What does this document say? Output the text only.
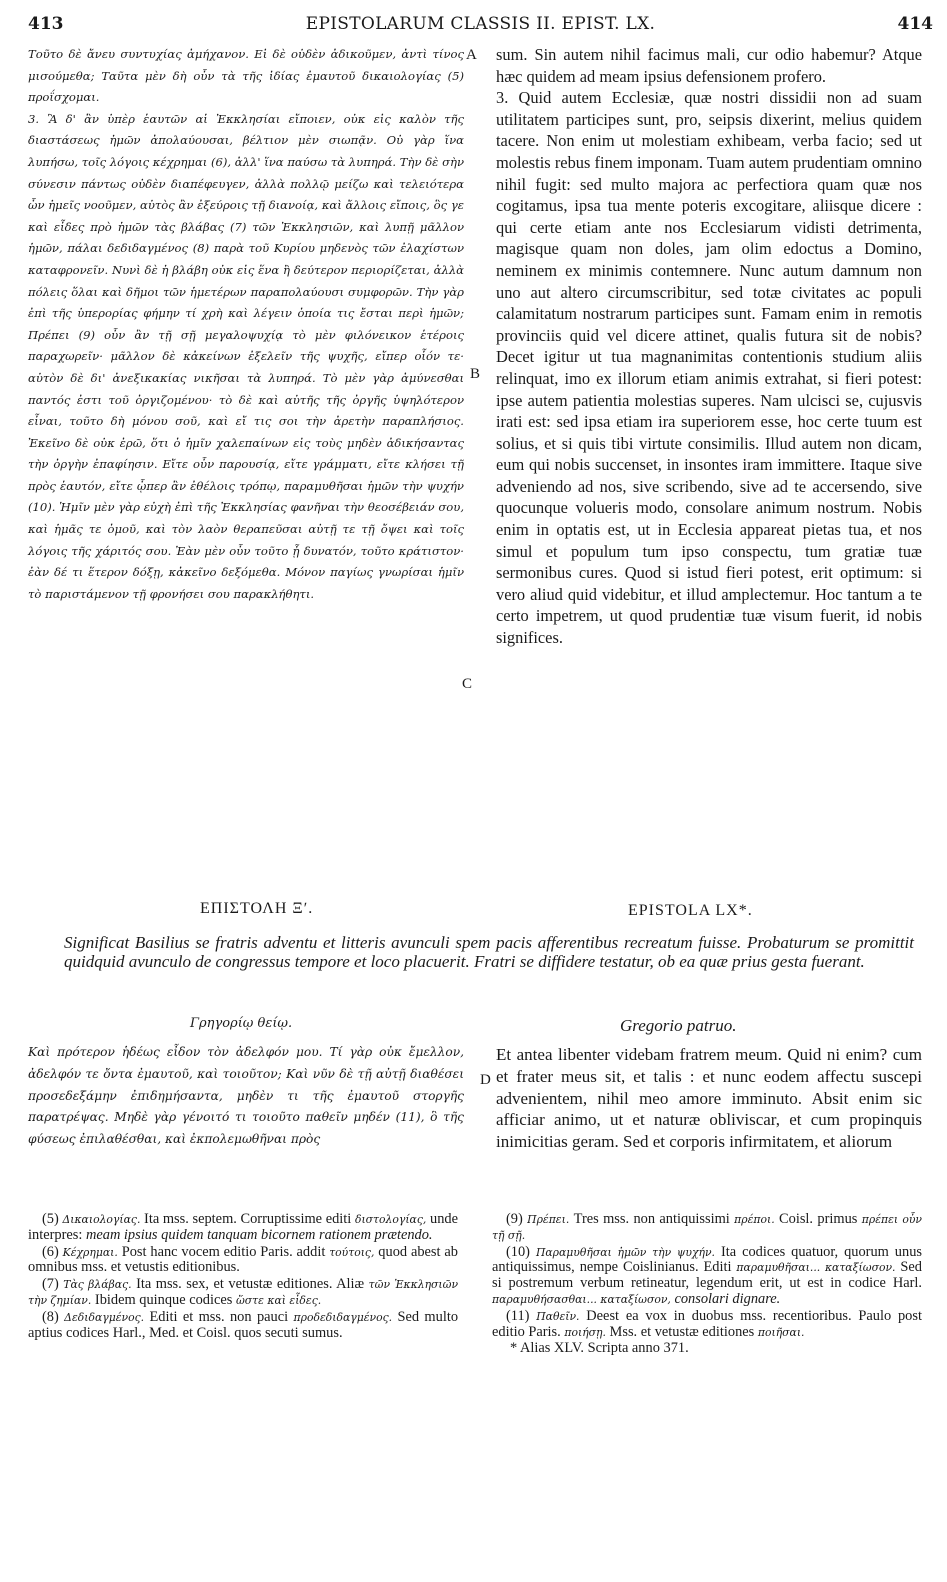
413	EPISTOLARUM CLASSIS II. EPIST. LX.	414

Τοῦτο δὲ ἄνευ συντυχίας ἀμήχανον. Εἰ δὲ οὐδὲν ἀδικοῦμεν, ἀντὶ τίνος μισούμεθα; Ταῦτα μὲν δὴ οὖν τὰ τῆς ἰδίας ἐμαυτοῦ δικαιολογίας (5) προΐσχομαι.
3. Ἃ δ' ἂν ὑπὲρ ἑαυτῶν αἱ Ἐκκλησίαι εἴποιεν, οὐκ εἰς καλὸν τῆς διαστάσεως ἡμῶν ἀπολαύουσαι, βέλτιον μὲν σιωπᾷν. Οὐ γὰρ ἵνα λυπήσω, τοῖς λόγοις κέχρημαι (6), ἀλλ' ἵνα παύσω τὰ λυπηρά. Τὴν δὲ σὴν σύνεσιν πάντως οὐδὲν διαπέφευγεν, ἀλλὰ πολλῷ μείζω καὶ τελειότερα ὧν ἡμεῖς νοοῦμεν, αὐτὸς ἂν ἐξεύροις τῇ διανοίᾳ, καὶ ἄλλοις εἴποις, ὃς γε καὶ εἶδες πρὸ ἡμῶν τὰς βλάβας (7) τῶν Ἐκκλησιῶν, καὶ λυπῇ μᾶλλον ἡμῶν, πάλαι δεδιδαγμένος (8) παρὰ τοῦ Κυρίου μηδενὸς τῶν ἐλαχίστων καταφρονεῖν. Νυνὶ δὲ ἡ βλάβη οὐκ εἰς ἕνα ἢ δεύτερον περιορίζεται, ἀλλὰ πόλεις ὅλαι καὶ δῆμοι τῶν ἡμετέρων παραπολαύουσι συμφορῶν. Τὴν γὰρ ἐπὶ τῆς ὑπερορίας φήμην τί χρὴ καὶ λέγειν ὁποία τις ἔσται περὶ ἡμῶν; Πρέπει (9) οὖν ἂν τῇ σῇ μεγαλοψυχίᾳ τὸ μὲν φιλόνεικον ἑτέροις παραχωρεῖν· μᾶλλον δὲ κἀκείνων ἐξελεῖν τῆς ψυχῆς, εἴπερ οἷόν τε· αὐτὸν δὲ δι' ἀνεξικακίας νικῆσαι τὰ λυπηρά. Τὸ μὲν γὰρ ἀμύνεσθαι παντός ἐστι τοῦ ὀργιζομένου· τὸ δὲ καὶ αὐτῆς τῆς ὀργῆς ὑψηλότερον εἶναι, τοῦτο δὴ μόνου σοῦ, καὶ εἴ τις σοι τὴν ἀρετὴν παραπλήσιος. Ἐκεῖνο δὲ οὐκ ἐρῶ, ὅτι ὁ ἡμῖν χαλεπαίνων εἰς τοὺς μηδὲν ἀδικήσαντας τὴν ὀργὴν ἐπαφίησιν. Εἴτε οὖν παρουσίᾳ, εἴτε γράμματι, εἴτε κλήσει τῇ πρὸς ἑαυτόν, εἴτε ᾧπερ ἂν ἐθέλοις τρόπῳ, παραμυθῆσαι ἡμῶν τὴν ψυχήν (10). Ἡμῖν μὲν γὰρ εὐχὴ ἐπὶ τῆς Ἐκκλησίας φανῆναι τὴν θεοσέβειάν σου, καὶ ἡμᾶς τε ὁμοῦ, καὶ τὸν λαὸν θεραπεῦσαι αὐτῇ τε τῇ ὄψει καὶ τοῖς λόγοις τῆς χάριτός σου. Ἐὰν μὲν οὖν τοῦτο ᾖ δυνατόν, τοῦτο κράτιστον· ἐὰν δέ τι ἕτερον δόξῃ, κἀκεῖνο δεξόμεθα. Μόνον παγίως γνωρίσαι ἡμῖν τὸ παριστάμενον τῇ φρονήσει σου παρακλήθητι.

sum. Sin autem nihil facimus mali, cur odio habemur? Atque hæc quidem ad meam ipsius defensionem profero.
3. Quid autem Ecclesiæ, quæ nostri dissidii non ad suam utilitatem participes sunt, pro, seipsis dixerint, melius quidem tacere. Non enim ut molestiam exhibeam, verba facio; sed ut molestis rebus finem imponam. Tuam autem prudentiam omnino nihil fugit: sed multo majora ac perfectiora quam quæ nos cogitamus, ipsa tua mente poteris excogitare, aliisque dicere : qui certe etiam ante nos Ecclesiarum vidisti detrimenta, magisque quam non doles, jam olim edoctus a Domino, neminem ex minimis contemnere. Nunc autum damnum non uno aut altero circumscribitur, sed totæ civitates ac populi calamitatum nostrarum participes sunt. Famam enim in remotis provinciis quid vel dicere attinet, qualis futura sit de nobis? Decet igitur ut tua magnanimitas contentionis studium aliis relinquat, imo ex illorum etiam animis extrahat, si fieri potest: ipse autem patientia molestias superes. Nam ulcisci se, cujusvis irati est: sed ipsa etiam ira superiorem esse, hoc certe tuum est solius, et si quis tibi virtute consimilis. Illud autem non dicam, eum qui nobis succenset, in insontes iram immittere. Itaque sive adveniendo ad nos, sive scribendo, sive ad te accersendo, sive quocunque volueris modo, consolare animum nostrum. Nobis enim in optatis est, ut in Ecclesia appareat pietas tua, et nos simul et populum tum ipso conspectu, tum gratiæ tuæ sermonibus cures. Quod si istud fieri potest, erit optimum: si vero aliud quid videbitur, et illud amplectemur. Hoc tantum a te certo impetrem, ut quod prudentiæ tuæ visum fuerit, id nobis significes.

A
B
C
D
ΕΠΙΣΤΟΛΗ Ξʹ.	EPISTOLA LX*.

Significat Basilius se fratris adventu et litteris avunculi spem pacis afferentibus recreatum fuisse. Probaturum se promittit quidquid avunculo de congressus tempore et loco placuerit. Fratri se diffidere testatur, ob ea quæ prius gesta fuerant.

Γρηγορίῳ θείῳ.	Gregorio patruo.

Καὶ πρότερον ἡδέως εἶδον τὸν ἀδελφόν μου. Τί γὰρ οὐκ ἔμελλον, ἀδελφόν τε ὄντα ἐμαυτοῦ, καὶ τοιοῦτον; Καὶ νῦν δὲ τῇ αὐτῇ διαθέσει προσεδεξάμην ἐπιδημήσαντα, μηδὲν τι τῆς ἐμαυτοῦ στοργῆς παρατρέψας. Μηδὲ γὰρ γένοιτό τι τοιοῦτο παθεῖν μηδέν (11), ὃ τῆς φύσεως ἐπιλαθέσθαι, καὶ ἐκπολεμωθῆναι πρὸς

Et antea libenter videbam fratrem meum. Quid ni enim? cum et frater meus sit, et talis : et nunc eodem affectu suscepi advenientem, nihil meo amore imminuto. Absit enim sic afficiar animo, ut et naturæ obliviscar, et cum propinquis inimicitias geram. Sed et corporis infirmitatem, et aliorum

(5) Δικαιολογίας. Ita mss. septem. Corruptissime editi διστολογίας, unde interpres: meam ipsius quidem tanquam bicornem rationem prætendo.

(6) Κέχρημαι. Post hanc vocem editio Paris. addit τούτοις, quod abest ab omnibus mss. et vetustis editionibus.

(7) Τὰς βλάβας. Ita mss. sex, et vetustæ editiones. Aliæ τῶν Ἐκκλησιῶν τὴν ζημίαν. Ibidem quinque codices ὥστε καὶ εἶδες.

(8) Δεδιδαγμένος. Editi et mss. non pauci προδεδιδαγμένος. Sed multo aptius codices Harl., Med. et Coisl. quos secuti sumus.

(9) Πρέπει. Tres mss. non antiquissimi πρέποι. Coisl. primus πρέπει οὖν τῇ σῇ.

(10) Παραμυθῆσαι ἡμῶν τὴν ψυχήν. Ita codices quatuor, quorum unus antiquissimus, nempe Coislinianus. Editi παραμυθῆσαι... καταξίωσον. Sed si postremum verbum retineatur, legendum erit, ut est in codice Harl. παραμυθήσασθαι... καταξίωσον, consolari dignare.

(11) Παθεῖν. Deest ea vox in duobus mss. recentioribus. Paulo post editio Paris. ποιήσῃ. Mss. et vetustæ editiones ποιῆσαι.

* Alias XLV. Scripta anno 371.
